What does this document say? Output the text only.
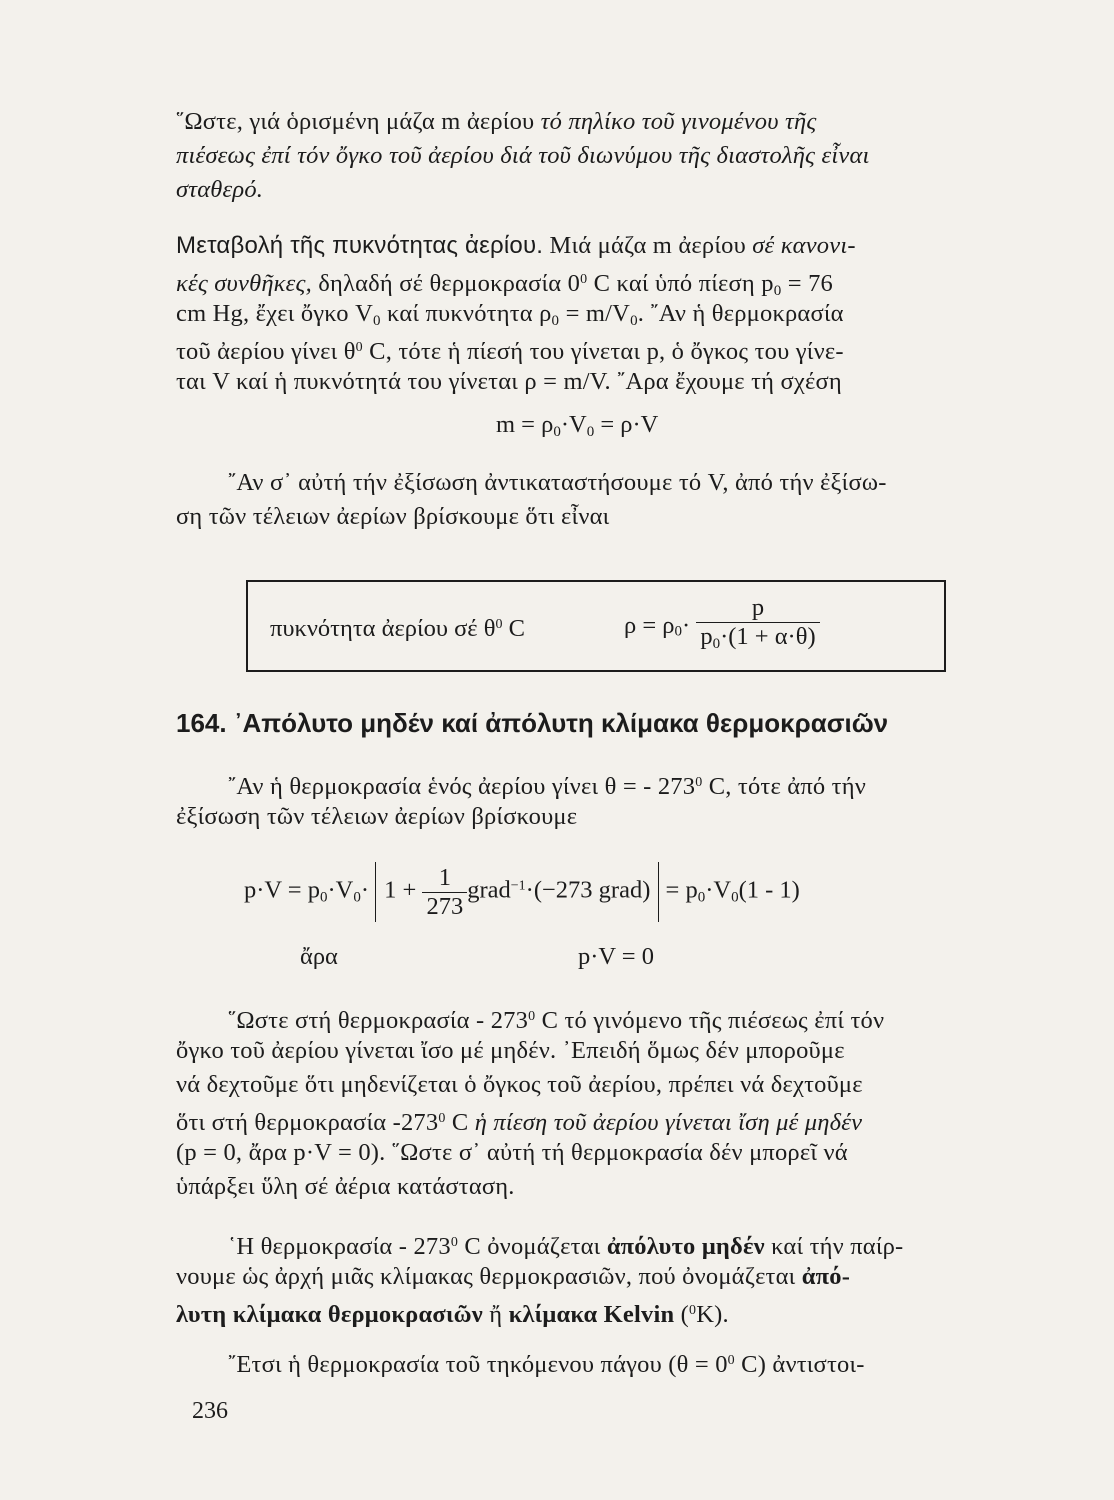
῞Ωστε, γιά ὁρισμένη μάζα m ἀερίου τό πηλίκο τοῦ γινομένου τῆς
πιέσεως ἐπί τόν ὄγκο τοῦ ἀερίου διά τοῦ διωνύμου τῆς διαστολῆς εἶναι
σταθερό.
Μεταβολή τῆς πυκνότητας ἀερίου. Μιά μάζα m ἀερίου σέ κανονι-
κές συνθῆκες, δηλαδή σέ θερμοκρασία $0^0$ C καί ὑπό πίεση $p_0 = 76$
cm Hg, ἔχει ὄγκο $V_0$ καί πυκνότητα $\rho_0 = m/V_0$. ῎Αν ἡ θερμοκρασία
τοῦ ἀερίου γίνει $\theta^0$ C, τότε ἡ πίεσή του γίνεται p, ὁ ὄγκος του γίνε-
ται V καί ἡ πυκνότητά του γίνεται ρ = m/V. ῎Αρα ἔχουμε τή σχέση
$m = \rho_0\cdot V_0 = \rho\cdot V$
῎Αν σ᾽ αὐτή τήν ἐξίσωση ἀντικαταστήσουμε τό V, ἀπό τήν ἐξίσω-
ση τῶν τέλειων ἀερίων βρίσκουμε ὅτι εἶναι
πυκνότητα ἀερίου σέ $\theta^0$ C	$\rho = \rho_0\cdot \frac{p}{p_0\cdot(1 + \alpha\cdot\theta)}$
164. ᾿Απόλυτο μηδέν καί ἀπόλυτη κλίμακα θερμοκρασιῶν
῎Αν ἡ θερμοκρασία ἑνός ἀερίου γίνει θ = - $273^0$ C, τότε ἀπό τήν
ἐξίσωση τῶν τέλειων ἀερίων βρίσκουμε
$p\cdot V = p_0\cdot V_0\cdot 1 + \frac{1}{273}$ grad$^{-1}$·(−273 grad) = $p_0\cdot V_0(1 - 1)$
ἄρα	p·V = 0
῞Ωστε στή θερμοκρασία - $273^0$ C τό γινόμενο τῆς πιέσεως ἐπί τόν
ὄγκο τοῦ ἀερίου γίνεται ἴσο μέ μηδέν. ᾿Επειδή ὅμως δέν μποροῦμε
νά δεχτοῦμε ὅτι μηδενίζεται ὁ ὄγκος τοῦ ἀερίου, πρέπει νά δεχτοῦμε
ὅτι στή θερμοκρασία $-273^0$ C ἡ πίεση τοῦ ἀερίου γίνεται ἴση μέ μηδέν
(p = 0, ἄρα p·V = 0). ῞Ωστε σ᾽ αὐτή τή θερμοκρασία δέν μπορεῖ νά
ὑπάρξει ὕλη σέ ἀέρια κατάσταση.
῾Η θερμοκρασία - $273^0$ C ὀνομάζεται ἀπόλυτο μηδέν καί τήν παίρ-
νουμε ὡς ἀρχή μιᾶς κλίμακας θερμοκρασιῶν, πού ὀνομάζεται ἀπό-
λυτη κλίμακα θερμοκρασιῶν ἤ κλίμακα Kelvin ($^0$K).
῎Ετσι ἡ θερμοκρασία τοῦ τηκόμενου πάγου ($\theta = 0^0$ C) ἀντιστοι-
236
